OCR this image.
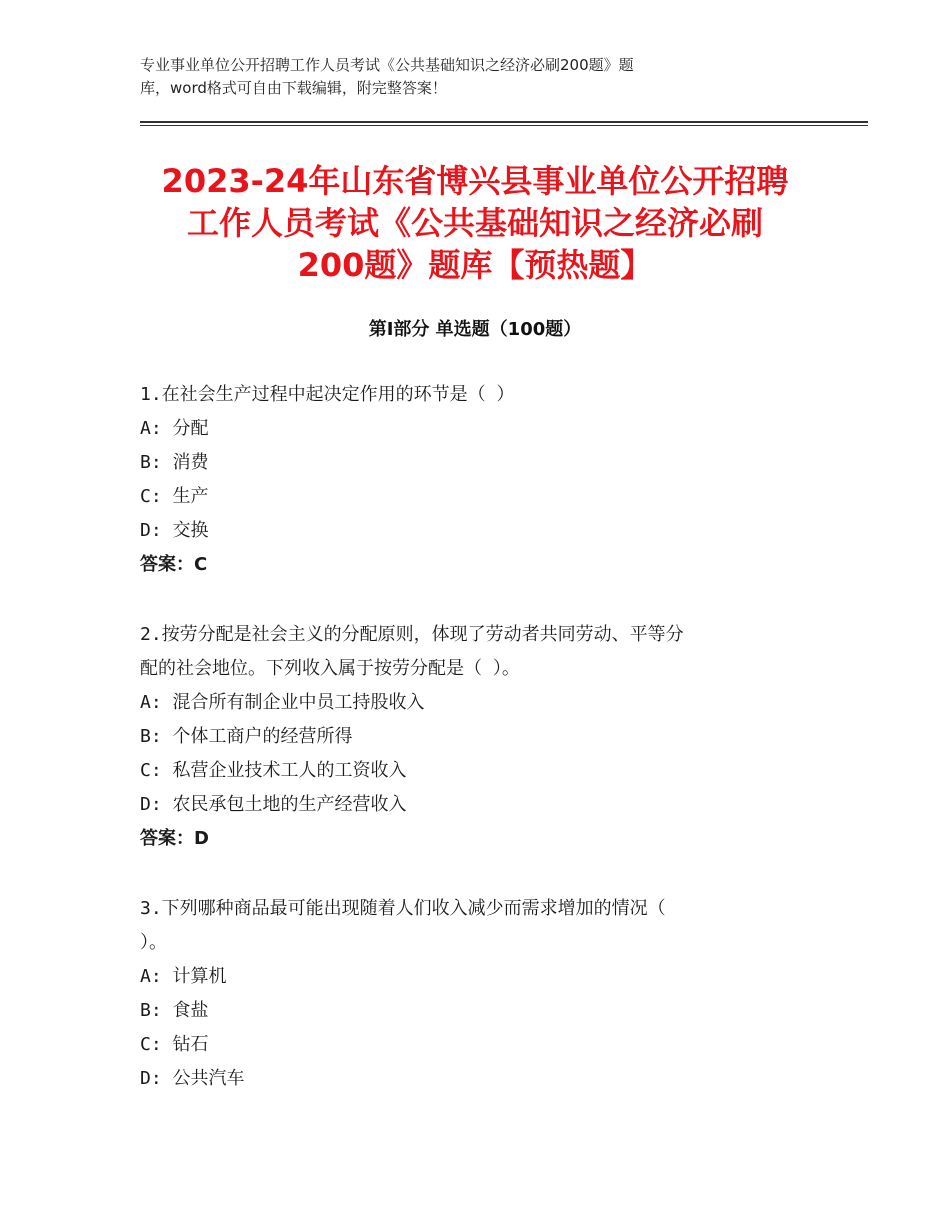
专业事业单位公开招聘工作人员考试《公共基础知识之经济必刷200题》题
库，word格式可自由下载编辑，附完整答案！
2023-24年山东省博兴县事业单位公开招聘
工作人员考试《公共基础知识之经济必刷
200题》题库【预热题】
第Ⅰ部分 单选题（100题）
1.在社会生产过程中起决定作用的环节是（ ）
A: 分配
B: 消费
C: 生产
D: 交换
答案：C
2.按劳分配是社会主义的分配原则，体现了劳动者共同劳动、平等分
配的社会地位。下列收入属于按劳分配是（ ）。
A: 混合所有制企业中员工持股收入
B: 个体工商户的经营所得
C: 私营企业技术工人的工资收入
D: 农民承包土地的生产经营收入
答案：D
3.下列哪种商品最可能出现随着人们收入减少而需求增加的情况（
）。
A: 计算机
B: 食盐
C: 钻石
D: 公共汽车
